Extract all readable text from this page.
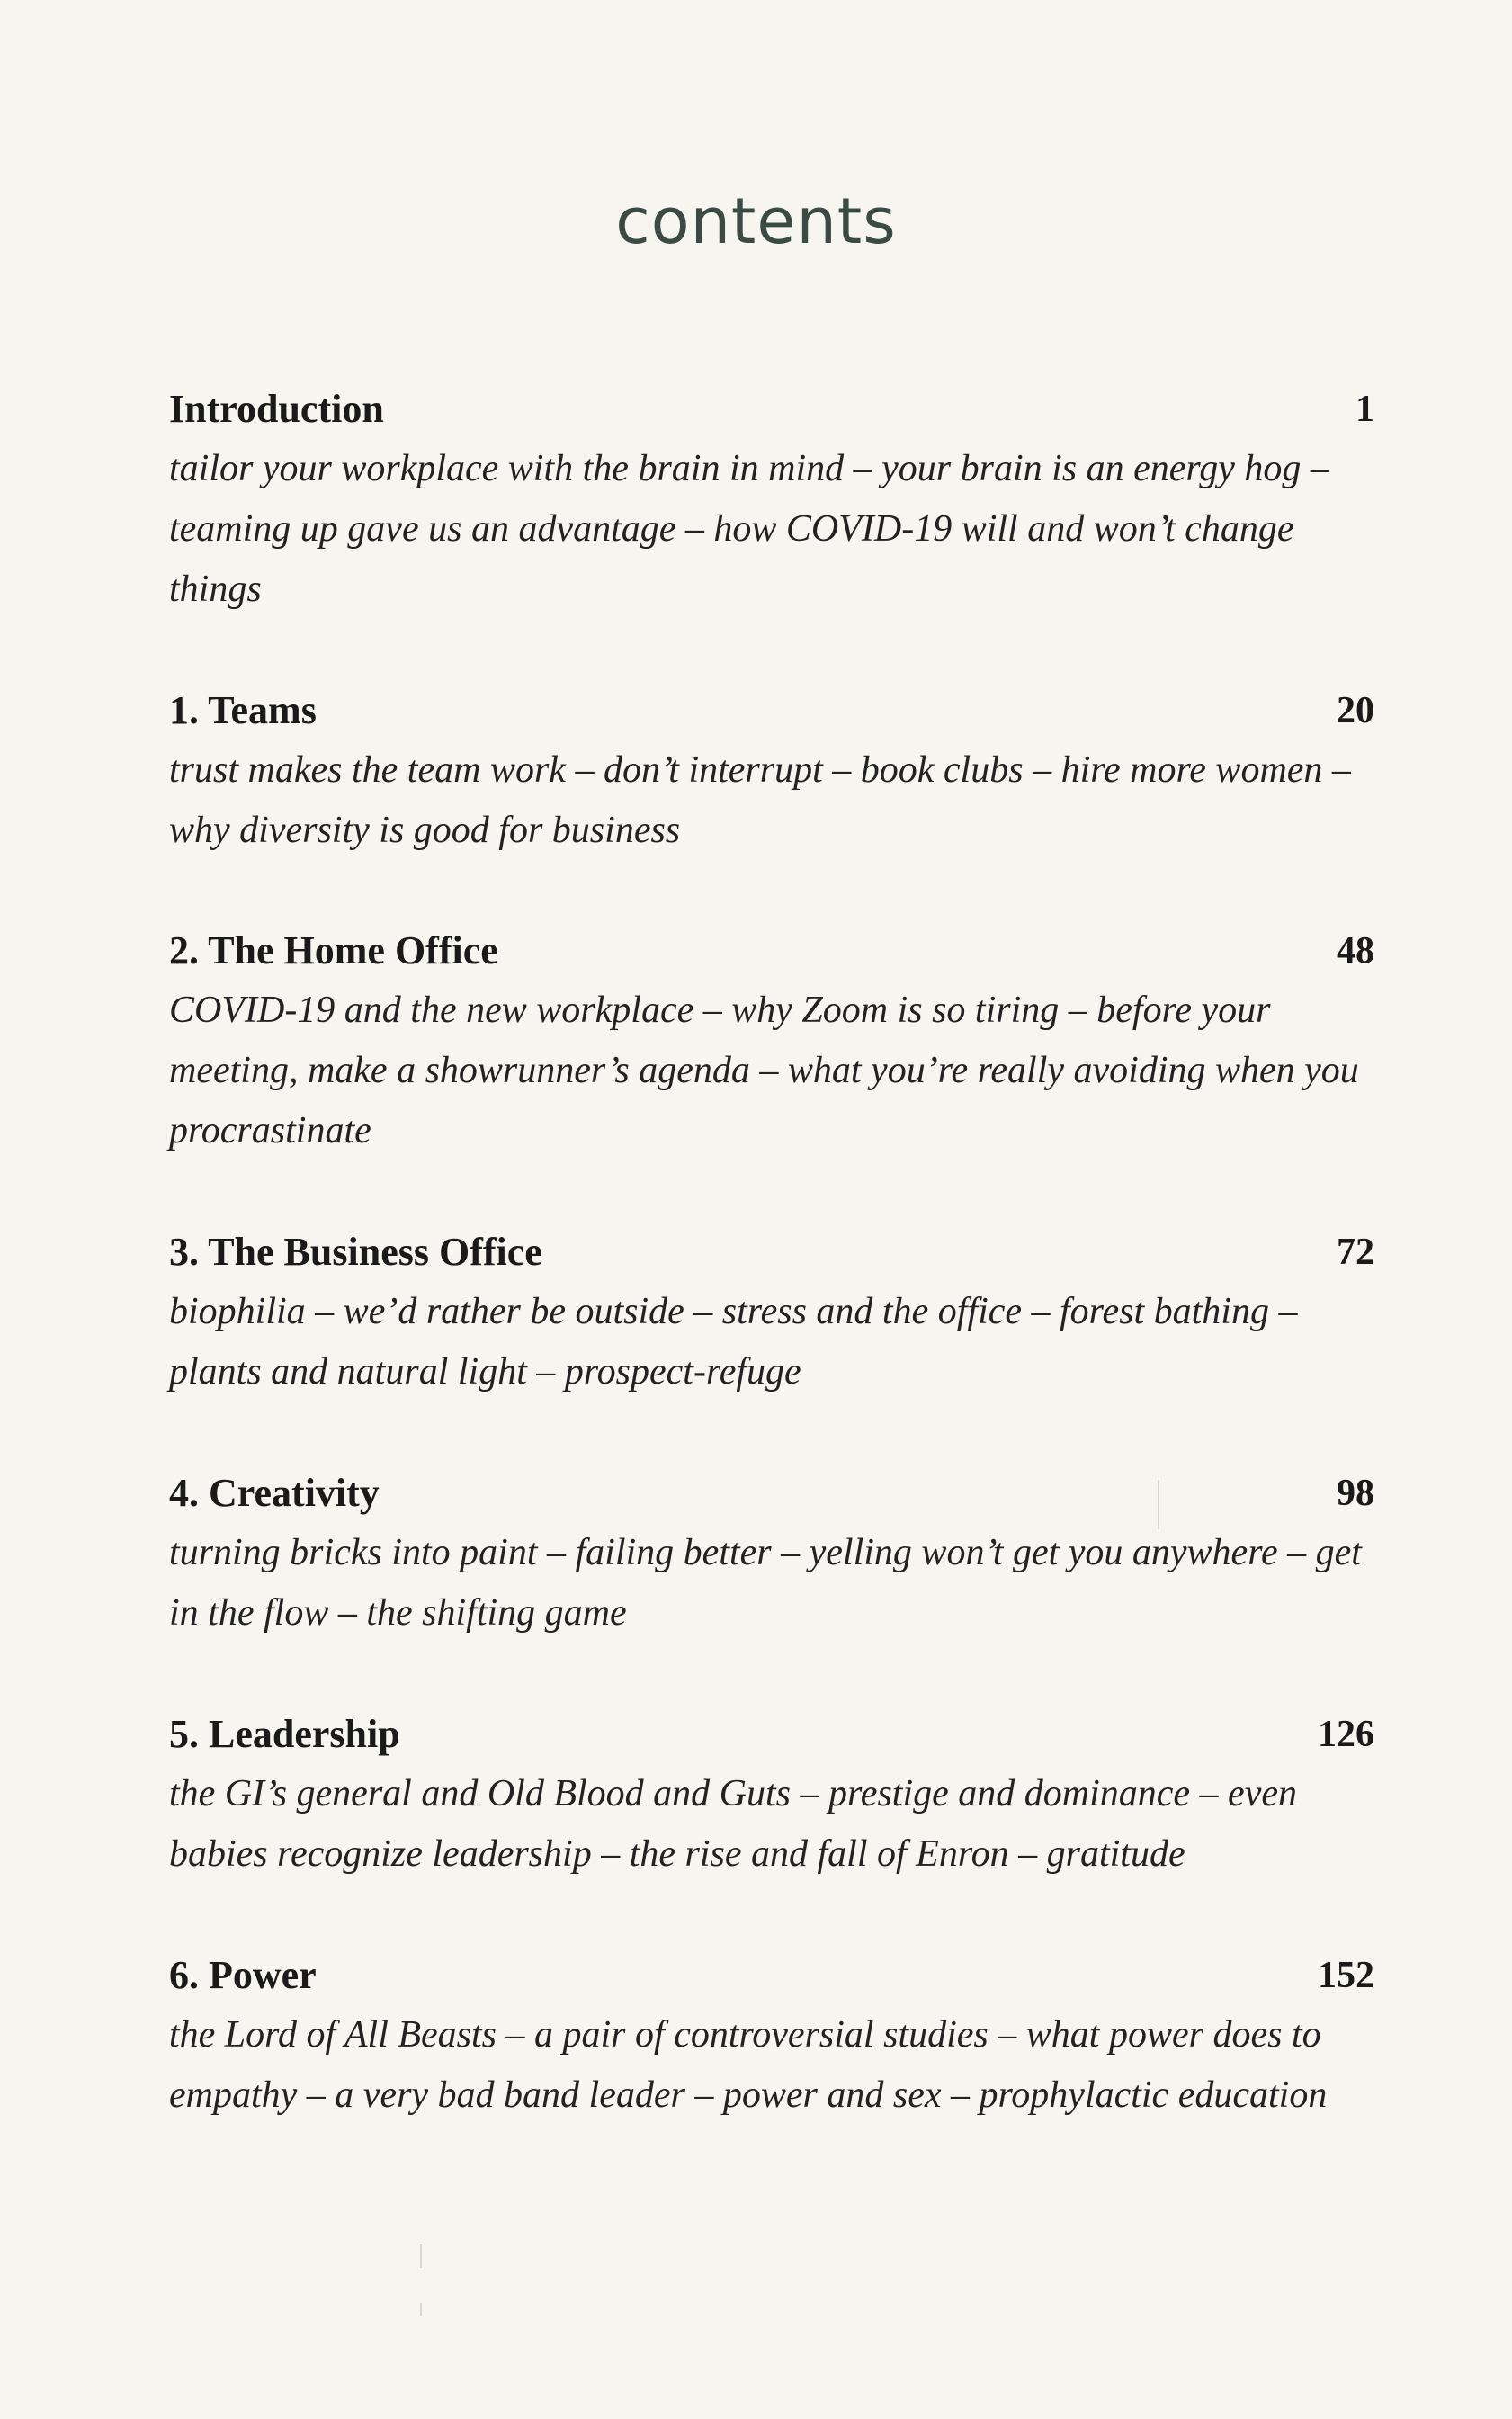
contents
Introduction	1

tailor your workplace with the brain in mind – your brain is an energy hog – teaming up gave us an advantage – how COVID-19 will and won’t change things

1. Teams	20

trust makes the team work – don’t interrupt – book clubs – hire more women – why diversity is good for business

2. The Home Office	48

COVID-19 and the new workplace – why Zoom is so tiring – before your meeting, make a showrunner’s agenda – what you’re really avoiding when you procrastinate

3. The Business Office	72

biophilia – we’d rather be outside – stress and the office – forest bathing – plants and natural light – prospect-refuge

4. Creativity	98

turning bricks into paint – failing better – yelling won’t get you anywhere – get in the flow – the shifting game

5. Leadership	126

the GI’s general and Old Blood and Guts – prestige and dominance – even babies recognize leadership – the rise and fall of Enron – gratitude

6. Power	152

the Lord of All Beasts – a pair of controversial studies – what power does to empathy – a very bad band leader – power and sex – prophylactic education
